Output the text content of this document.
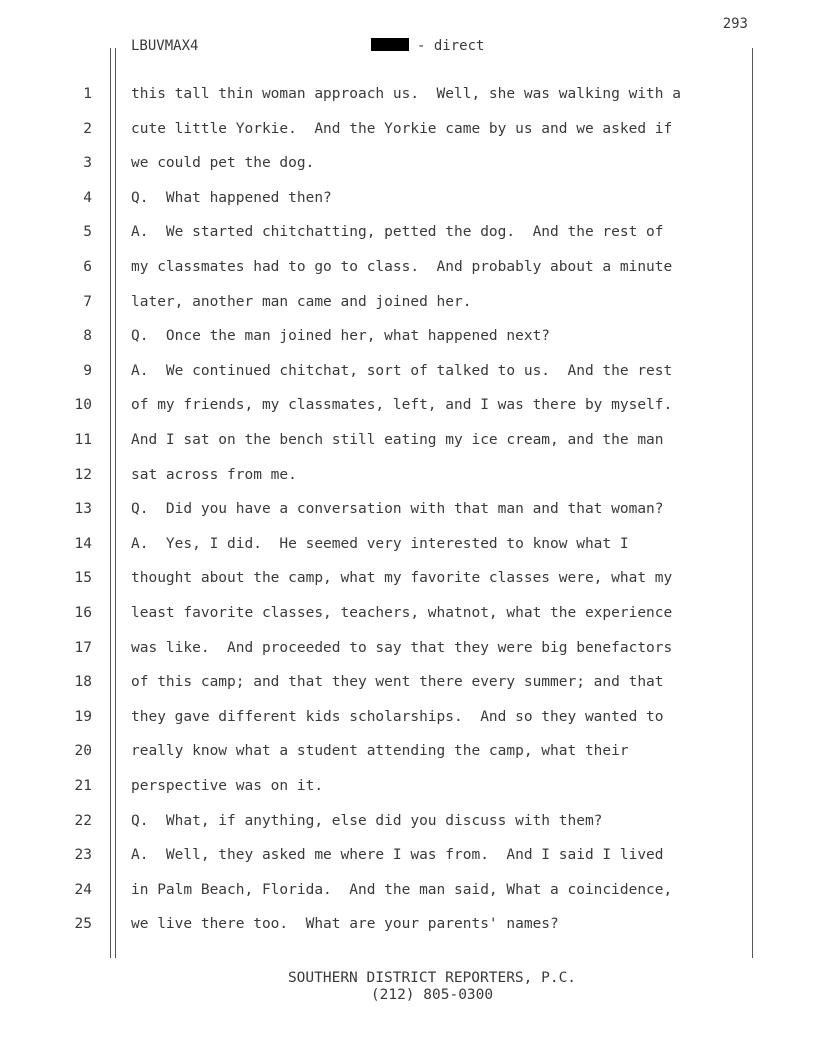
293
LBUVMAX4	- direct
1	this tall thin woman approach us.  Well, she was walking with a
2	cute little Yorkie.  And the Yorkie came by us and we asked if
3	we could pet the dog.
4	Q.  What happened then?
5	A.  We started chitchatting, petted the dog.  And the rest of
6	my classmates had to go to class.  And probably about a minute
7	later, another man came and joined her.
8	Q.  Once the man joined her, what happened next?
9	A.  We continued chitchat, sort of talked to us.  And the rest
10	of my friends, my classmates, left, and I was there by myself.
11	And I sat on the bench still eating my ice cream, and the man
12	sat across from me.
13	Q.  Did you have a conversation with that man and that woman?
14	A.  Yes, I did.  He seemed very interested to know what I
15	thought about the camp, what my favorite classes were, what my
16	least favorite classes, teachers, whatnot, what the experience
17	was like.  And proceeded to say that they were big benefactors
18	of this camp; and that they went there every summer; and that
19	they gave different kids scholarships.  And so they wanted to
20	really know what a student attending the camp, what their
21	perspective was on it.
22	Q.  What, if anything, else did you discuss with them?
23	A.  Well, they asked me where I was from.  And I said I lived
24	in Palm Beach, Florida.  And the man said, What a coincidence,
25	we live there too.  What are your parents' names?
SOUTHERN DISTRICT REPORTERS, P.C.
(212) 805-0300
